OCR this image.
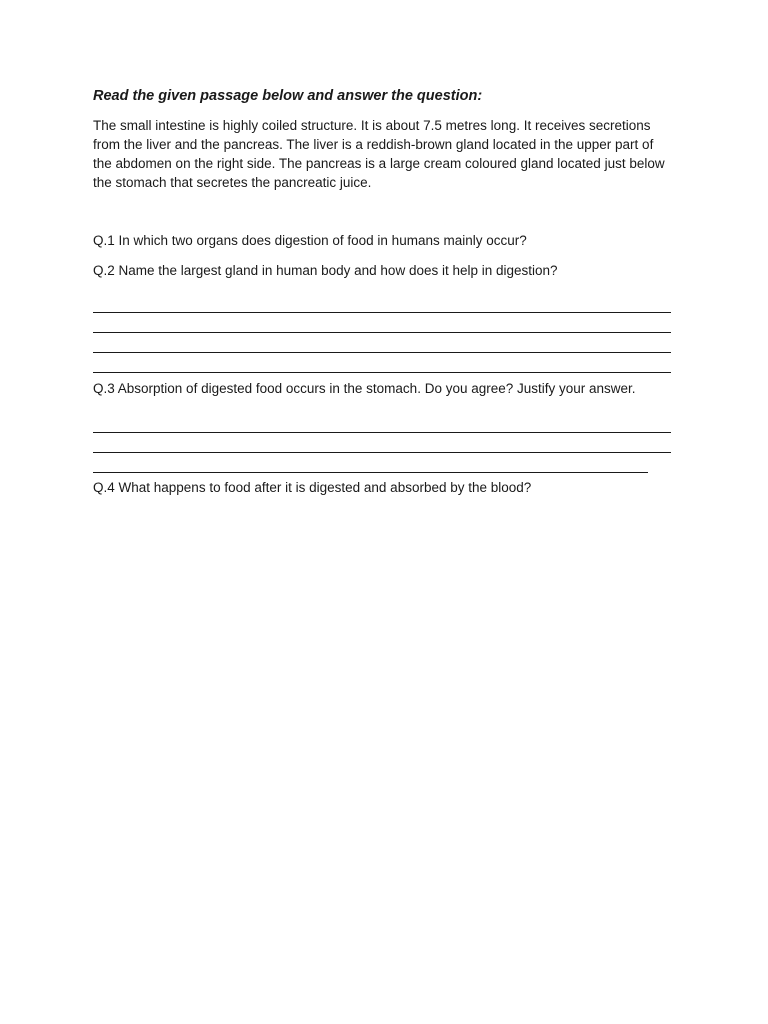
Read the given passage below and answer the question:

The small intestine is highly coiled structure. It is about 7.5 metres long. It receives secretions from the liver and the pancreas. The liver is a reddish-brown gland located in the upper part of the abdomen on the right side. The pancreas is a large cream coloured gland located just below the stomach that secretes the pancreatic juice.

Q.1 In which two organs does digestion of food in humans mainly occur?

Q.2 Name the largest gland in human body and how does it help in digestion?

Q.3 Absorption of digested food occurs in the stomach. Do you agree? Justify your answer.

Q.4 What happens to food after it is digested and absorbed by the blood?
